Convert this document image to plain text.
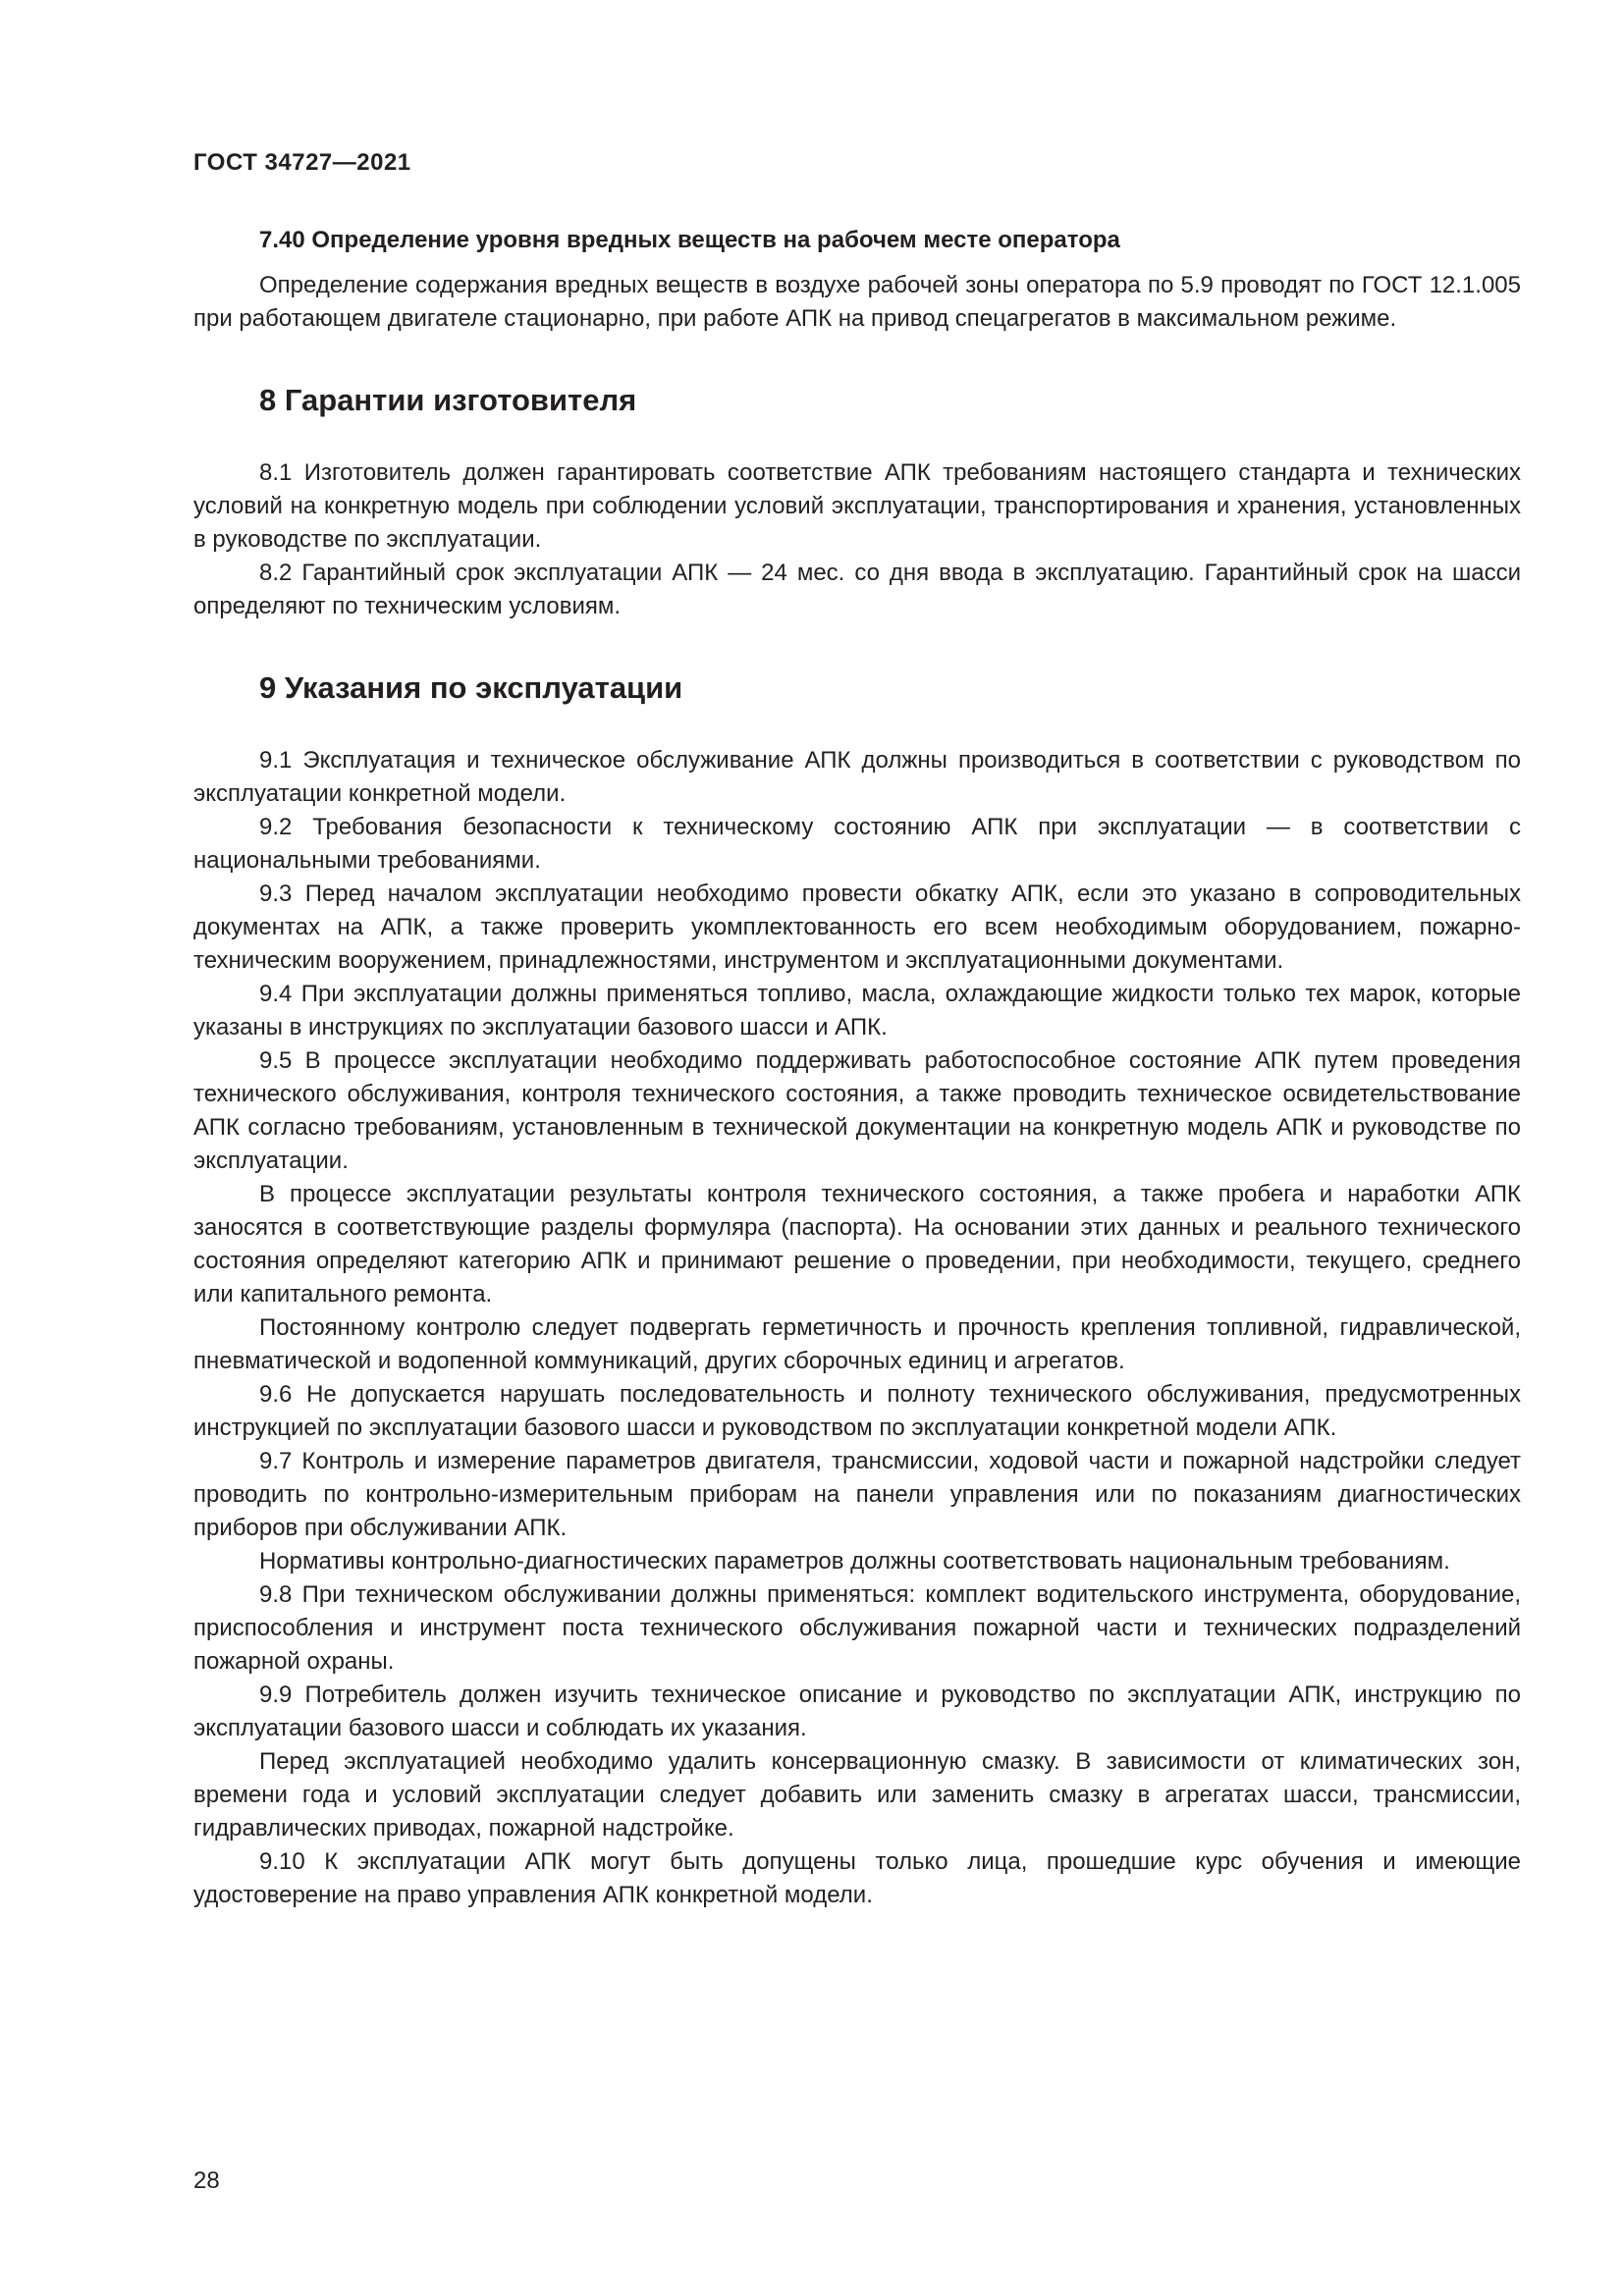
ГОСТ 34727—2021

7.40 Определение уровня вредных веществ на рабочем месте оператора

Определение содержания вредных веществ в воздухе рабочей зоны оператора по 5.9 проводят по ГОСТ 12.1.005 при работающем двигателе стационарно, при работе АПК на привод спецагрегатов в максимальном режиме.

8 Гарантии изготовителя

8.1 Изготовитель должен гарантировать соответствие АПК требованиям настоящего стандарта и технических условий на конкретную модель при соблюдении условий эксплуатации, транспортирования и хранения, установленных в руководстве по эксплуатации.

8.2 Гарантийный срок эксплуатации АПК — 24 мес. со дня ввода в эксплуатацию. Гарантийный срок на шасси определяют по техническим условиям.

9 Указания по эксплуатации

9.1 Эксплуатация и техническое обслуживание АПК должны производиться в соответствии с руководством по эксплуатации конкретной модели.

9.2 Требования безопасности к техническому состоянию АПК при эксплуатации — в соответствии с национальными требованиями.

9.3 Перед началом эксплуатации необходимо провести обкатку АПК, если это указано в сопроводительных документах на АПК, а также проверить укомплектованность его всем необходимым оборудованием, пожарно-техническим вооружением, принадлежностями, инструментом и эксплуатационными документами.

9.4 При эксплуатации должны применяться топливо, масла, охлаждающие жидкости только тех марок, которые указаны в инструкциях по эксплуатации базового шасси и АПК.

9.5 В процессе эксплуатации необходимо поддерживать работоспособное состояние АПК путем проведения технического обслуживания, контроля технического состояния, а также проводить техническое освидетельствование АПК согласно требованиям, установленным в технической документации на конкретную модель АПК и руководстве по эксплуатации.

В процессе эксплуатации результаты контроля технического состояния, а также пробега и наработки АПК заносятся в соответствующие разделы формуляра (паспорта). На основании этих данных и реального технического состояния определяют категорию АПК и принимают решение о проведении, при необходимости, текущего, среднего или капитального ремонта.

Постоянному контролю следует подвергать герметичность и прочность крепления топливной, гидравлической, пневматической и водопенной коммуникаций, других сборочных единиц и агрегатов.

9.6 Не допускается нарушать последовательность и полноту технического обслуживания, предусмотренных инструкцией по эксплуатации базового шасси и руководством по эксплуатации конкретной модели АПК.

9.7 Контроль и измерение параметров двигателя, трансмиссии, ходовой части и пожарной надстройки следует проводить по контрольно-измерительным приборам на панели управления или по показаниям диагностических приборов при обслуживании АПК.

Нормативы контрольно-диагностических параметров должны соответствовать национальным требованиям.

9.8 При техническом обслуживании должны применяться: комплект водительского инструмента, оборудование, приспособления и инструмент поста технического обслуживания пожарной части и технических подразделений пожарной охраны.

9.9 Потребитель должен изучить техническое описание и руководство по эксплуатации АПК, инструкцию по эксплуатации базового шасси и соблюдать их указания.

Перед эксплуатацией необходимо удалить консервационную смазку. В зависимости от климатических зон, времени года и условий эксплуатации следует добавить или заменить смазку в агрегатах шасси, трансмиссии, гидравлических приводах, пожарной надстройке.

9.10 К эксплуатации АПК могут быть допущены только лица, прошедшие курс обучения и имеющие удостоверение на право управления АПК конкретной модели.

28
